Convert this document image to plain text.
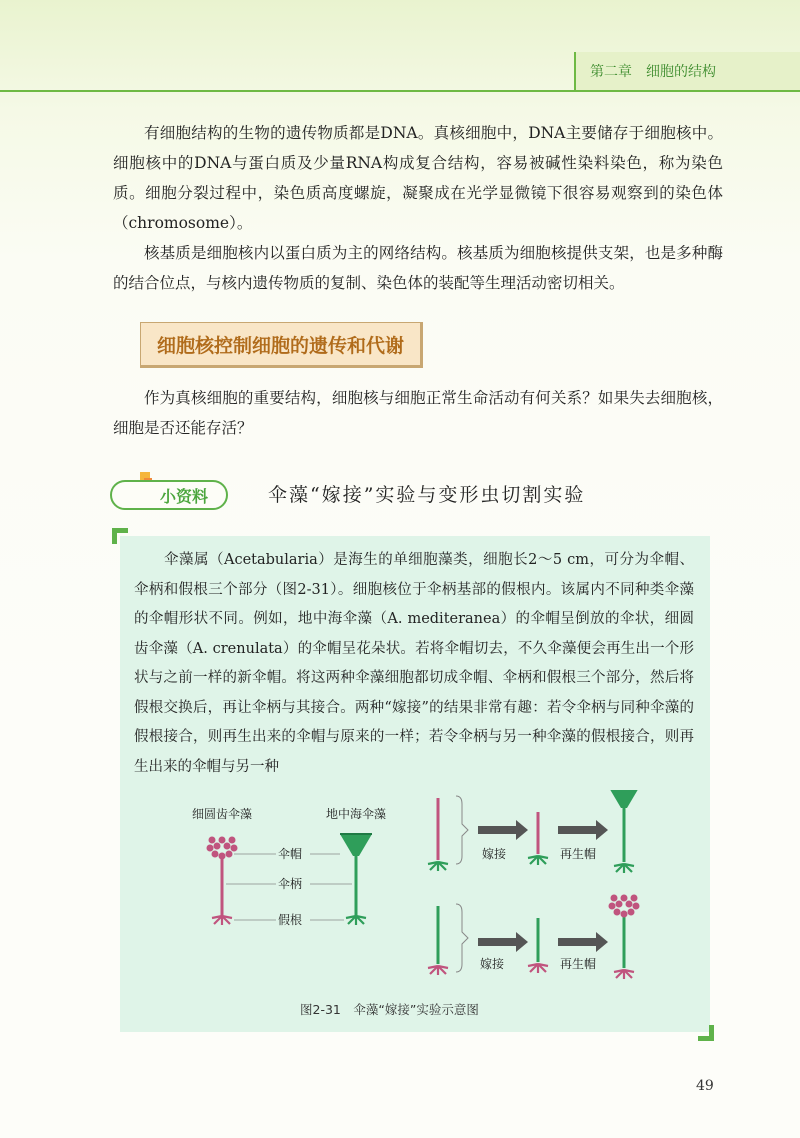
第二章　细胞的结构

有细胞结构的生物的遗传物质都是DNA。真核细胞中，DNA主要储存于细胞核中。细胞核中的DNA与蛋白质及少量RNA构成复合结构，容易被碱性染料染色，称为染色质。细胞分裂过程中，染色质高度螺旋，凝聚成在光学显微镜下很容易观察到的染色体（chromosome）。

核基质是细胞核内以蛋白质为主的网络结构。核基质为细胞核提供支架，也是多种酶的结合位点，与核内遗传物质的复制、染色体的装配等生理活动密切相关。

细胞核控制细胞的遗传和代谢

作为真核细胞的重要结构，细胞核与细胞正常生命活动有何关系？如果失去细胞核，细胞是否还能存活？

小资料	伞藻“嫁接”实验与变形虫切割实验

伞藻属（Acetabularia）是海生的单细胞藻类，细胞长2～5 cm，可分为伞帽、伞柄和假根三个部分（图2-31）。细胞核位于伞柄基部的假根内。该属内不同种类伞藻的伞帽形状不同。例如，地中海伞藻（A. mediteranea）的伞帽呈倒放的伞状，细圆齿伞藻（A. crenulata）的伞帽呈花朵状。若将伞帽切去，不久伞藻便会再生出一个形状与之前一样的新伞帽。将这两种伞藻细胞都切成伞帽、伞柄和假根三个部分，然后将假根交换后，再让伞柄与其接合。两种“嫁接”的结果非常有趣：若令伞柄与同种伞藻的假根接合，则再生出来的伞帽与原来的一样；若令伞柄与另一种伞藻的假根接合，则再生出来的伞帽与另一种

细圆齿伞藻	地中海伞藻
伞帽
伞柄
假根
嫁接	再生帽
嫁接	再生帽
图2-31　伞藻“嫁接”实验示意图
49
